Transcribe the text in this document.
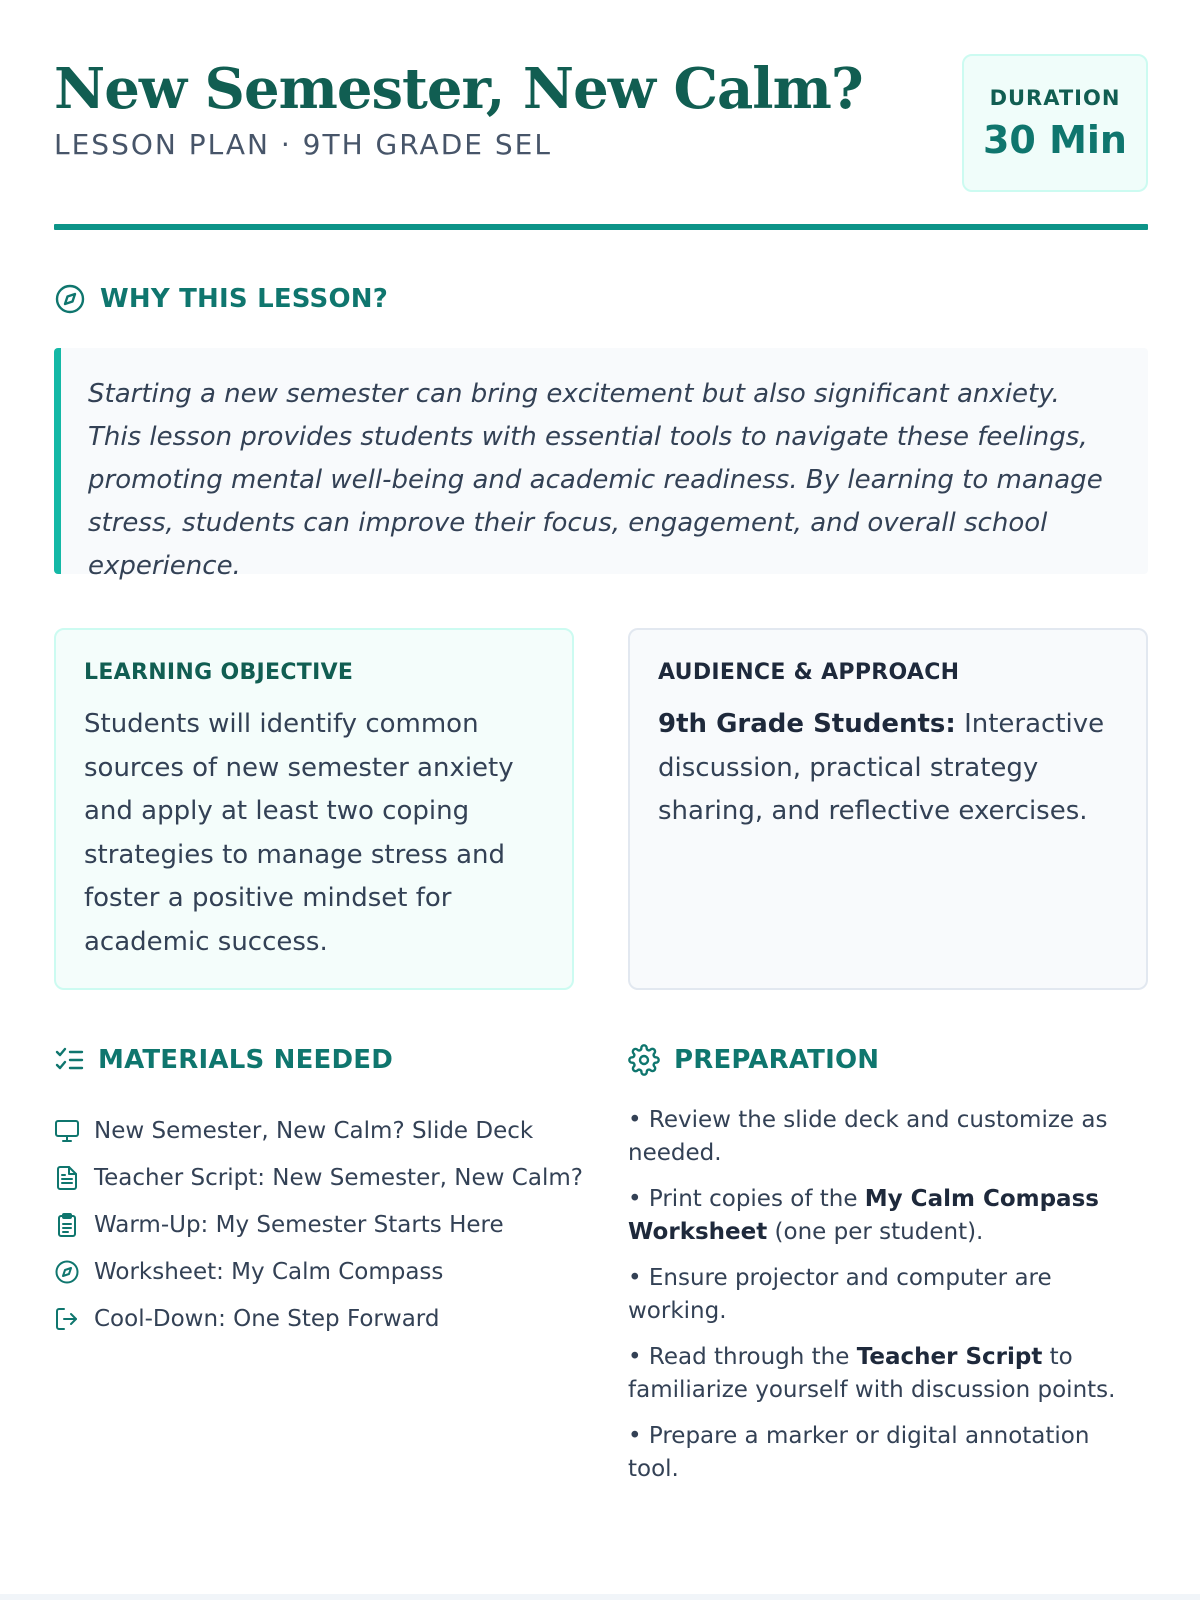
New Semester, New Calm?
LESSON PLAN · 9TH GRADE SEL
DURATION
30 Min
WHY THIS LESSON?

Starting a new semester can bring excitement but also significant anxiety. This lesson provides students with essential tools to navigate these feelings, promoting mental well-being and academic readiness. By learning to manage stress, students can improve their focus, engagement, and overall school experience.

LEARNING OBJECTIVE
Students will identify common sources of new semester anxiety and apply at least two coping strategies to manage stress and foster a positive mindset for academic success.
AUDIENCE & APPROACH
9th Grade Students: Interactive discussion, practical strategy sharing, and reflective exercises.
MATERIALS NEEDED
New Semester, New Calm? Slide Deck
Teacher Script: New Semester, New Calm?
Warm-Up: My Semester Starts Here
Worksheet: My Calm Compass
Cool-Down: One Step Forward
PREPARATION
• Review the slide deck and customize as needed.
• Print copies of the My Calm Compass Worksheet (one per student).
• Ensure projector and computer are working.
• Read through the Teacher Script to familiarize yourself with discussion points.
• Prepare a marker or digital annotation tool.
